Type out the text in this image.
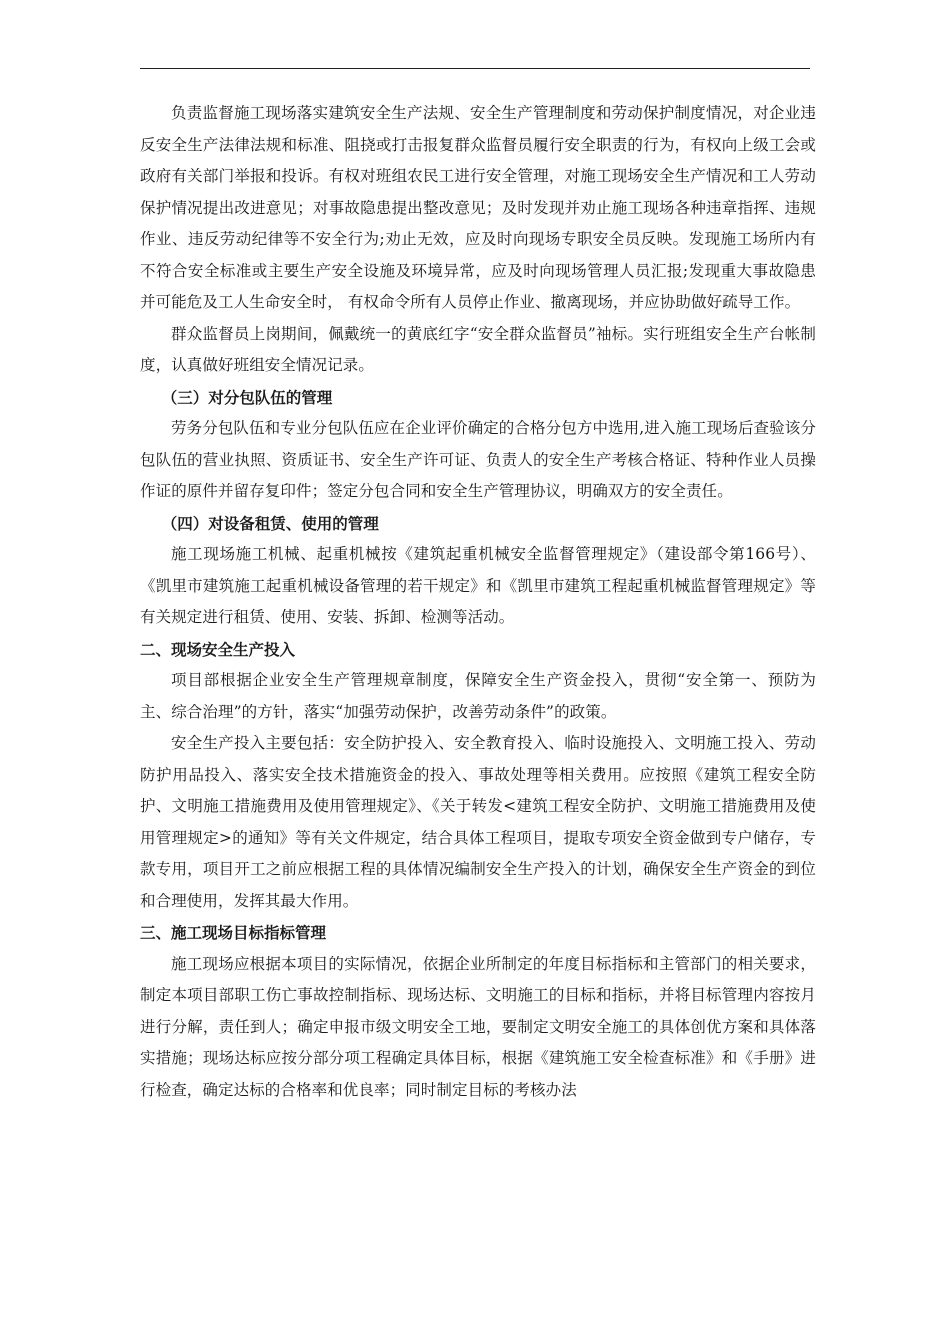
负责监督施工现场落实建筑安全生产法规、安全生产管理制度和劳动保护制度情况，对企业违反安全生产法律法规和标准、阻挠或打击报复群众监督员履行安全职责的行为，有权向上级工会或政府有关部门举报和投诉。有权对班组农民工进行安全管理，对施工现场安全生产情况和工人劳动保护情况提出改进意见；对事故隐患提出整改意见；及时发现并劝止施工现场各种违章指挥、违规作业、违反劳动纪律等不安全行为;劝止无效，应及时向现场专职安全员反映。发现施工场所内有不符合安全标准或主要生产安全设施及环境异常，应及时向现场管理人员汇报;发现重大事故隐患并可能危及工人生命安全时， 有权命令所有人员停止作业、撤离现场，并应协助做好疏导工作。

群众监督员上岗期间，佩戴统一的黄底红字“安全群众监督员”袖标。实行班组安全生产台帐制度，认真做好班组安全情况记录。

（三）对分包队伍的管理

劳务分包队伍和专业分包队伍应在企业评价确定的合格分包方中选用,进入施工现场后查验该分包队伍的营业执照、资质证书、安全生产许可证、负责人的安全生产考核合格证、特种作业人员操作证的原件并留存复印件；签定分包合同和安全生产管理协议，明确双方的安全责任。

（四）对设备租赁、使用的管理

施工现场施工机械、起重机械按《建筑起重机械安全监督管理规定》（建设部令第166号）、《凯里市建筑施工起重机械设备管理的若干规定》和《凯里市建筑工程起重机械监督管理规定》等有关规定进行租赁、使用、安装、拆卸、检测等活动。

二、现场安全生产投入

项目部根据企业安全生产管理规章制度，保障安全生产资金投入，贯彻“安全第一、预防为主、综合治理”的方针，落实“加强劳动保护，改善劳动条件”的政策。

安全生产投入主要包括：安全防护投入、安全教育投入、临时设施投入、文明施工投入、劳动防护用品投入、落实安全技术措施资金的投入、事故处理等相关费用。应按照《建筑工程安全防护、文明施工措施费用及使用管理规定》、《关于转发<建筑工程安全防护、文明施工措施费用及使用管理规定>的通知》等有关文件规定，结合具体工程项目，提取专项安全资金做到专户储存，专款专用，项目开工之前应根据工程的具体情况编制安全生产投入的计划，确保安全生产资金的到位和合理使用，发挥其最大作用。

三、施工现场目标指标管理

施工现场应根据本项目的实际情况，依据企业所制定的年度目标指标和主管部门的相关要求，制定本项目部职工伤亡事故控制指标、现场达标、文明施工的目标和指标，并将目标管理内容按月进行分解，责任到人；确定申报市级文明安全工地，要制定文明安全施工的具体创优方案和具体落实措施；现场达标应按分部分项工程确定具体目标，根据《建筑施工安全检查标准》和《手册》进行检查，确定达标的合格率和优良率；同时制定目标的考核办法
